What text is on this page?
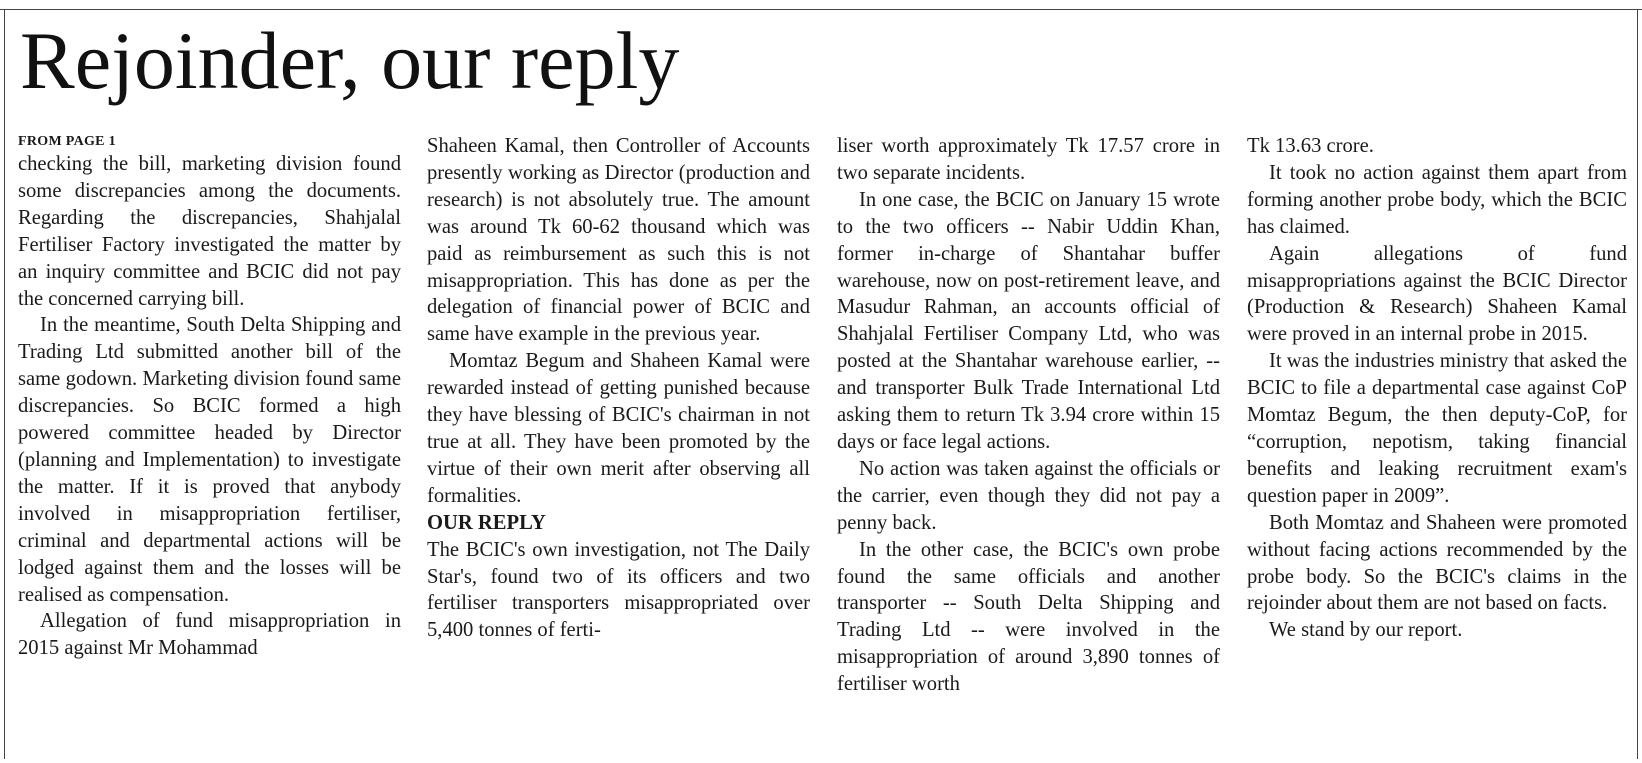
Rejoinder, our reply

FROM PAGE 1

checking the bill, marketing division found some discrepancies among the documents. Regarding the discrepancies, Shahjalal Fertiliser Factory investigated the matter by an inquiry committee and BCIC did not pay the concerned carrying bill.

In the meantime, South Delta Shipping and Trading Ltd submitted another bill of the same godown. Marketing division found same discrepancies. So BCIC formed a high powered committee headed by Director (planning and Implementation) to investigate the matter. If it is proved that anybody involved in misappropriation fertiliser, criminal and departmental actions will be lodged against them and the losses will be realised as compensation.

Allegation of fund misappropriation in 2015 against Mr Mohammad

Shaheen Kamal, then Controller of Accounts presently working as Director (production and research) is not absolutely true. The amount was around Tk 60-62 thousand which was paid as reimbursement as such this is not misappropriation. This has done as per the delegation of financial power of BCIC and same have example in the previous year.

Momtaz Begum and Shaheen Kamal were rewarded instead of getting punished because they have blessing of BCIC's chairman in not true at all. They have been promoted by the virtue of their own merit after observing all formalities.

OUR REPLY

The BCIC's own investigation, not The Daily Star's, found two of its officers and two fertiliser transporters misappropriated over 5,400 tonnes of ferti-

liser worth approximately Tk 17.57 crore in two separate incidents.

In one case, the BCIC on January 15 wrote to the two officers -- Nabir Uddin Khan, former in-charge of Shantahar buffer warehouse, now on post-retirement leave, and Masudur Rahman, an accounts official of Shahjalal Fertiliser Company Ltd, who was posted at the Shantahar warehouse earlier, -- and transporter Bulk Trade International Ltd asking them to return Tk 3.94 crore within 15 days or face legal actions.

No action was taken against the officials or the carrier, even though they did not pay a penny back.

In the other case, the BCIC's own probe found the same officials and another transporter -- South Delta Shipping and Trading Ltd -- were involved in the misappropriation of around 3,890 tonnes of fertiliser worth

Tk 13.63 crore.

It took no action against them apart from forming another probe body, which the BCIC has claimed.

Again allegations of fund misappropriations against the BCIC Director (Production & Research) Shaheen Kamal were proved in an internal probe in 2015.

It was the industries ministry that asked the BCIC to file a departmental case against CoP Momtaz Begum, the then deputy-CoP, for “corruption, nepotism, taking financial benefits and leaking recruitment exam's question paper in 2009”.

Both Momtaz and Shaheen were promoted without facing actions recommended by the probe body. So the BCIC's claims in the rejoinder about them are not based on facts.

We stand by our report.
